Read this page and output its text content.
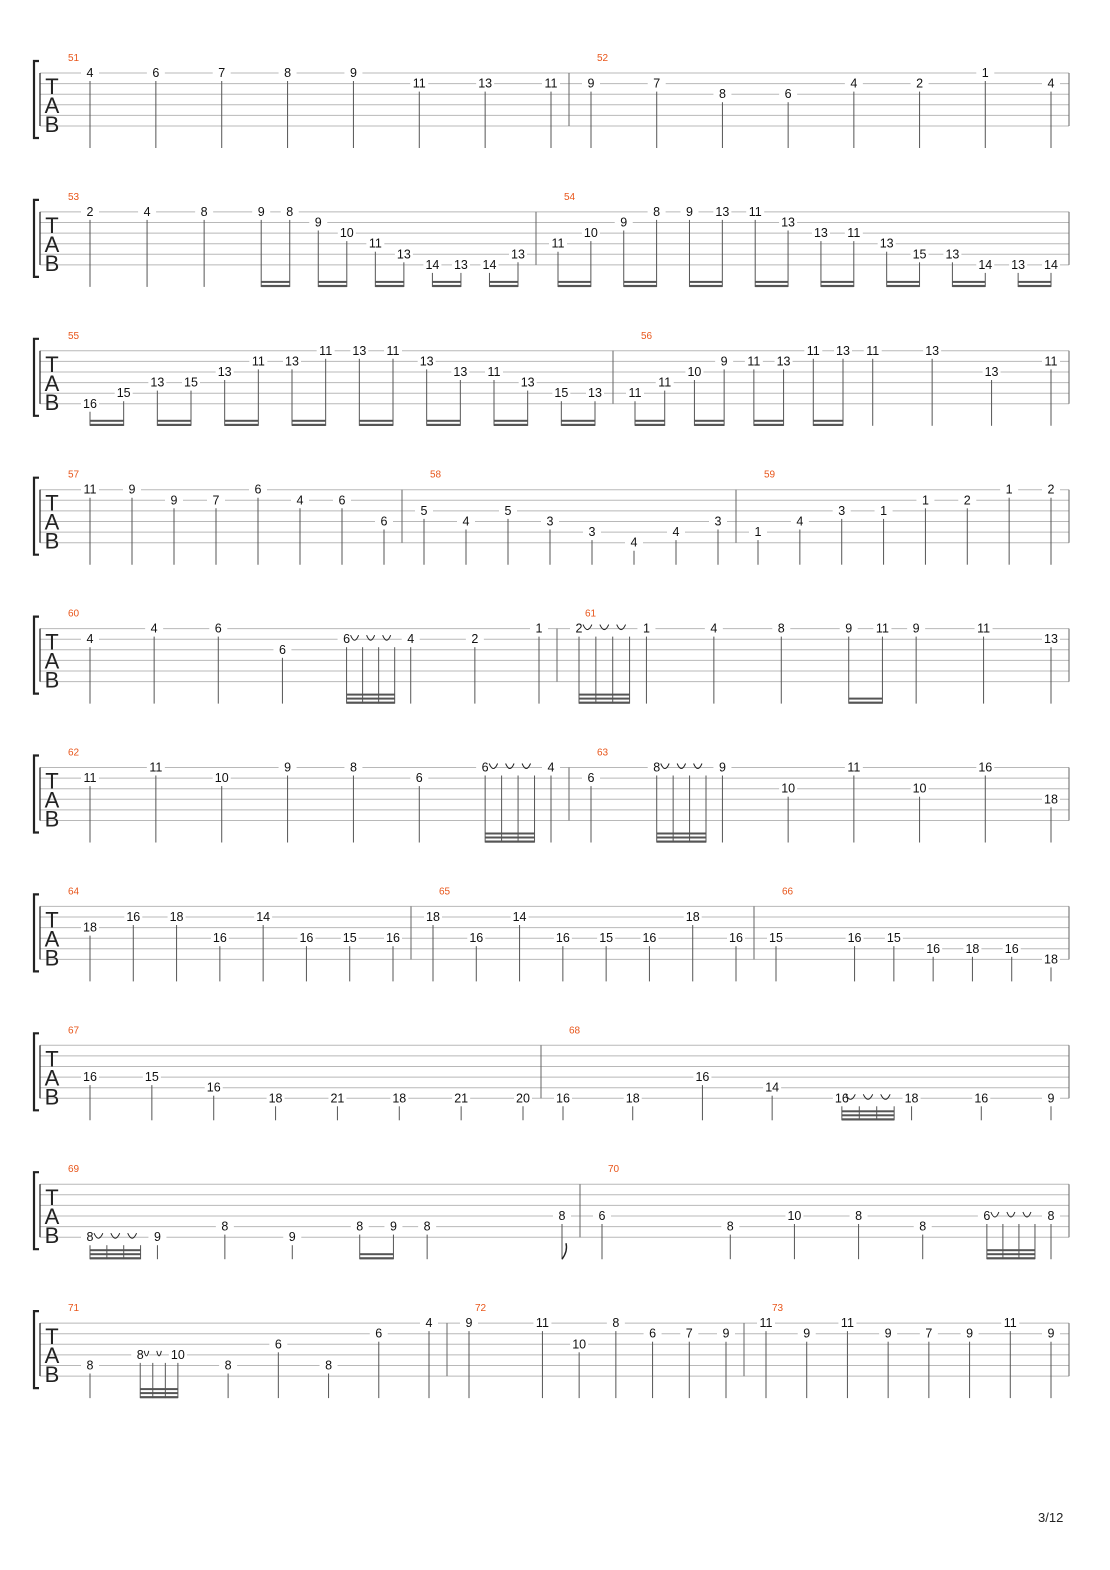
T
A
B
51
4	6	7	8	9
11	13	11
52
9	7
8	6
4	2
1
4
T
A
B
53
2	4	8	9 8
9
10
11
13
14 13 14
13
54
11
10
9
8 9 13 11
13
13 11
13
15 13
14 13 14
T
A
B
55
16
15
13 15
13
11 13
11 13 11
13
13 11
13
15 13
56
11
11
10
9 11 13
11 13 11	13
13
11
T
A
B
57
11	9
9	7
6
4	6
6
58
5
4
5
3
3
4
4
3
59
1
4
3	1
1	2
1	2
T
A
B
60
4
4	6
6
6	4	2
1
61
2	1	4	8	9 11 9	11
13
T
A
B
62
11
11
10
9	8
6
6	4
63
6
8	9
10
11
10
16
18
T
A
B
64
18
16 18
16
14
16 15 16
65
18
16
14
16 15 16
18
16
66
15	16 15
16 18 16
18
T
A
B
67
16	15
16
18	21	18	21	20
68
16	18
16
14
16	18	16	9
T
A
B
69
8	9
8
9
8 9 8
8
70
6
8
10	8
8
6	8
T
A
B
71
8
8 10
8
6
8
6
4
72
9	11
10
8
6 7 9
73
11
9
11
9	7	9
11
9
3/12
